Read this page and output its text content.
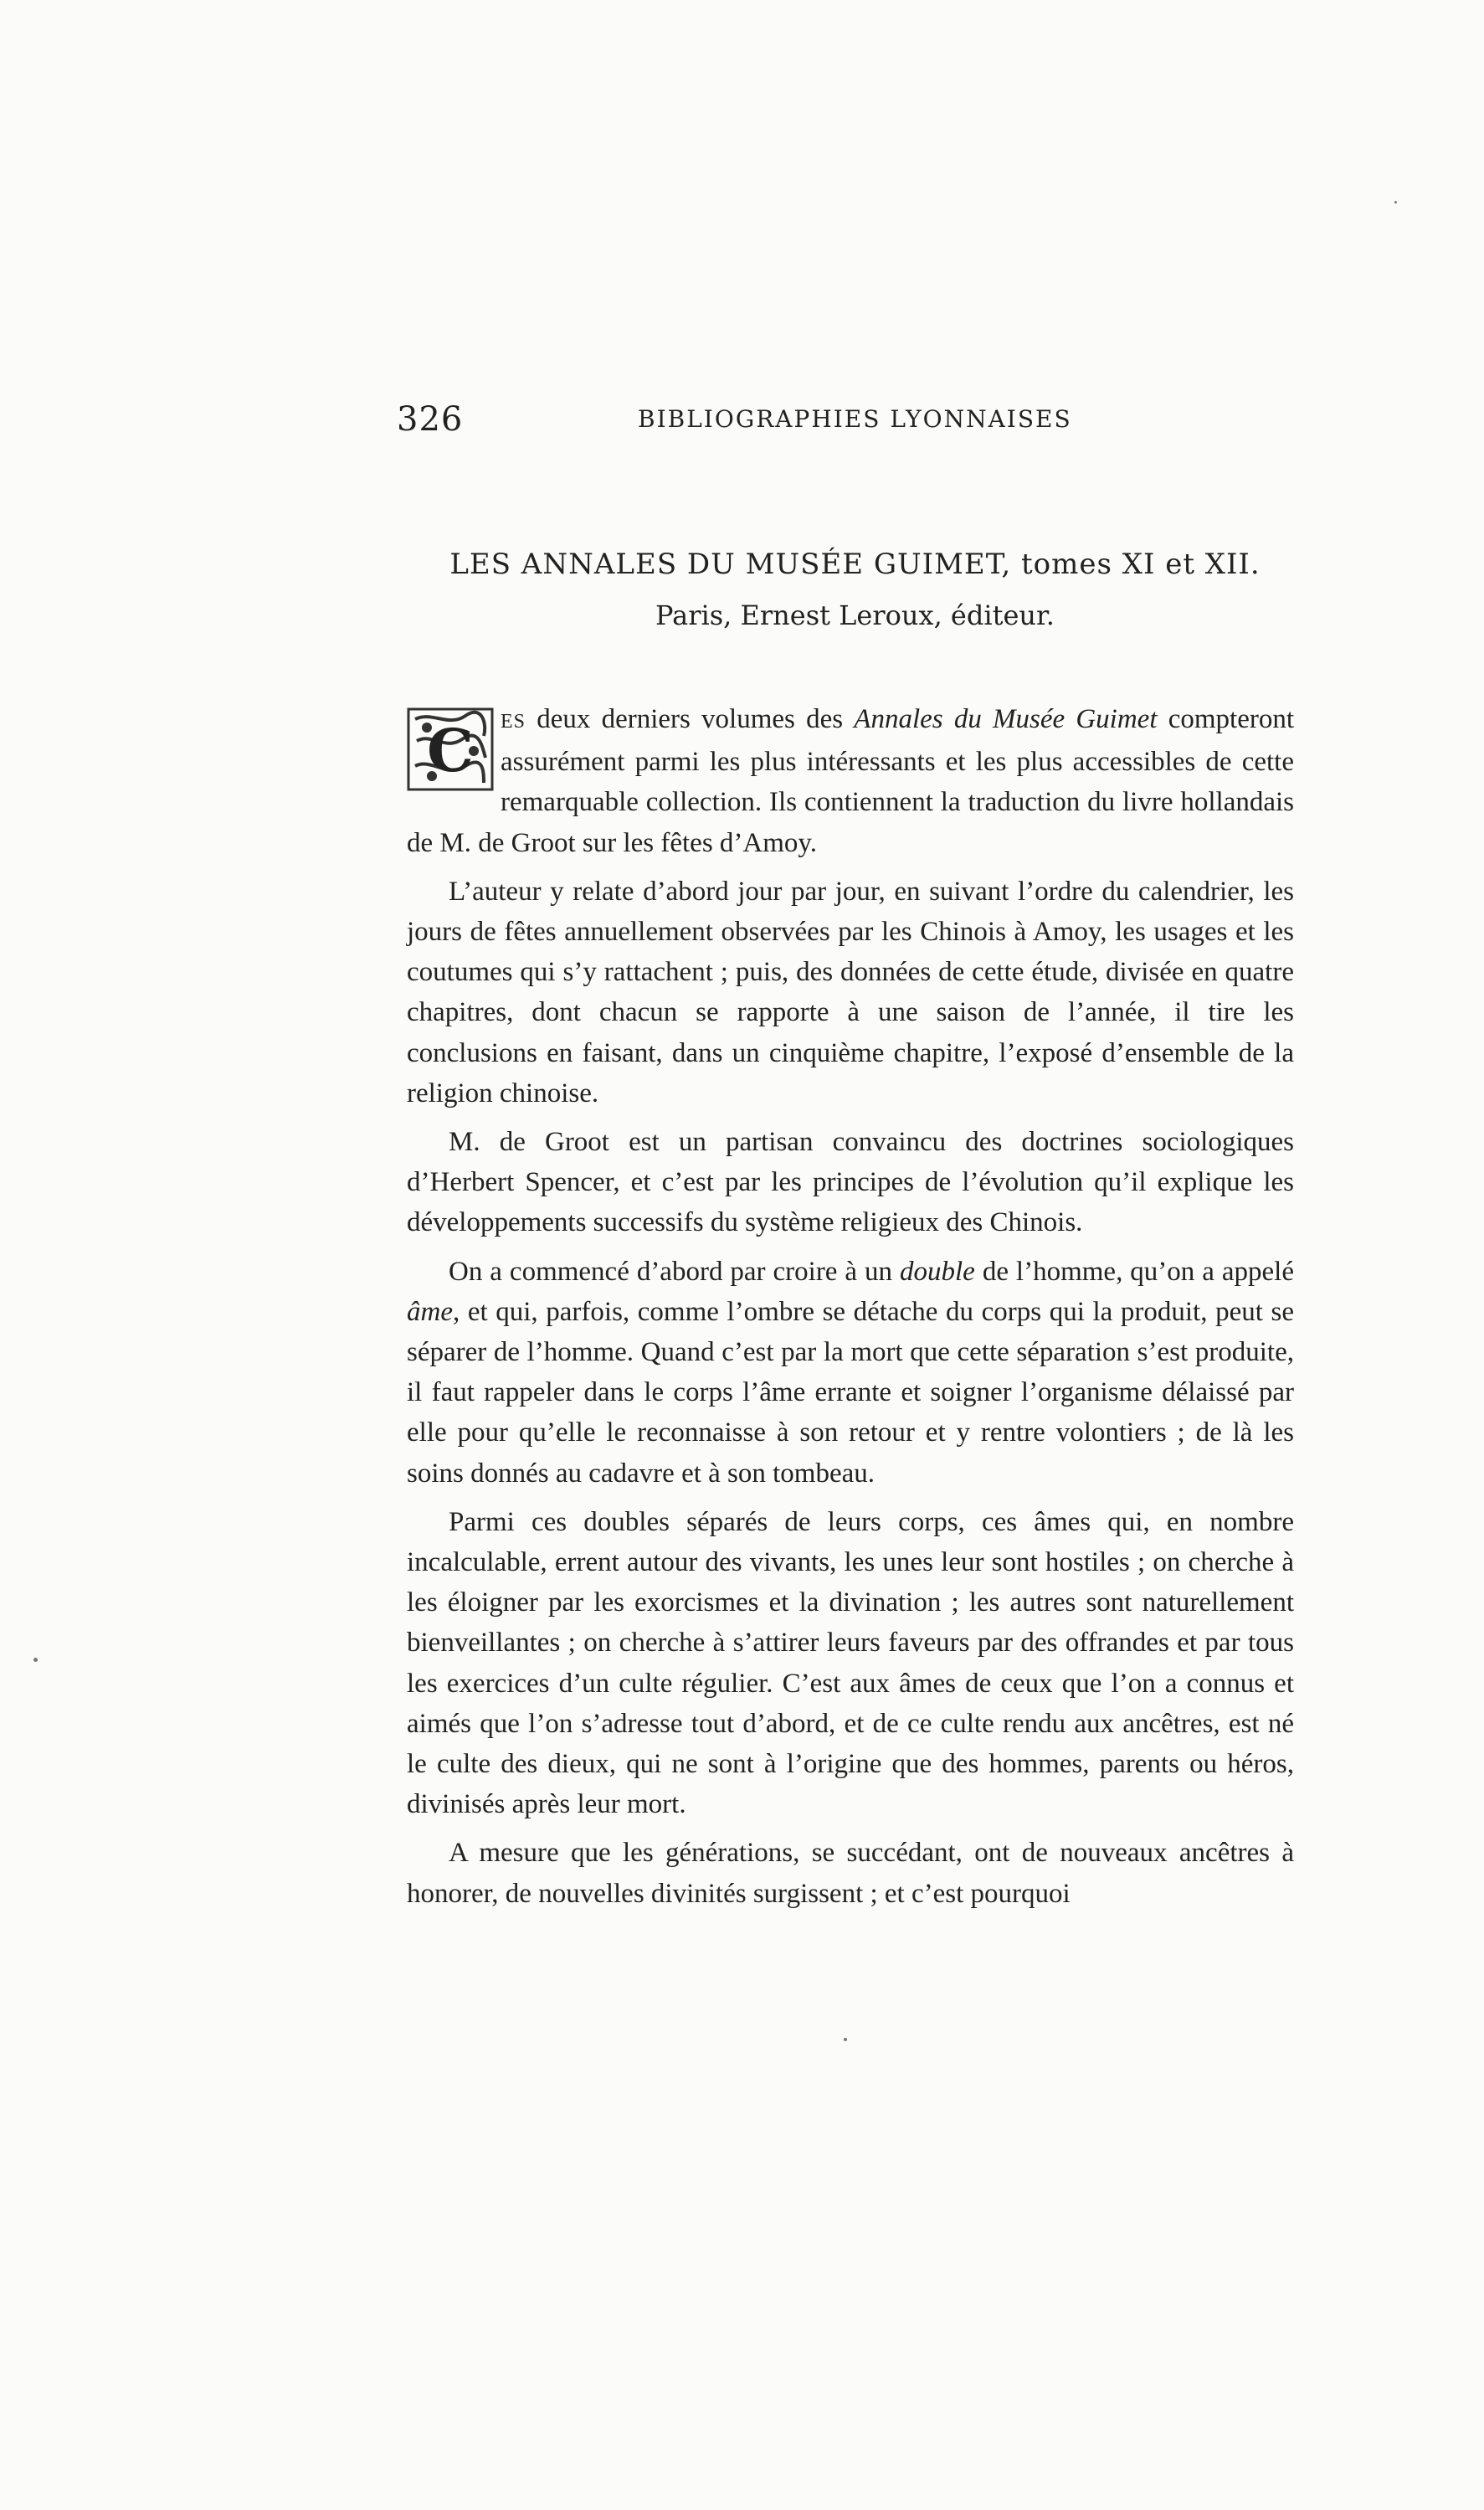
326	BIBLIOGRAPHIES LYONNAISES
LES ANNALES DU MUSÉE GUIMET, tomes XI et XII.
Paris, Ernest Leroux, éditeur.

C ES deux derniers volumes des Annales du Musée Guimet compteront assurément parmi les plus intéressants et les plus accessibles de cette remarquable collection. Ils contiennent la traduction du livre hollandais de M. de Groot sur les fêtes d’Amoy.

L’auteur y relate d’abord jour par jour, en suivant l’ordre du calendrier, les jours de fêtes annuellement observées par les Chinois à Amoy, les usages et les coutumes qui s’y rattachent ; puis, des données de cette étude, divisée en quatre chapitres, dont chacun se rapporte à une saison de l’année, il tire les conclusions en faisant, dans un cinquième chapitre, l’exposé d’ensemble de la religion chinoise.

M. de Groot est un partisan convaincu des doctrines sociologiques d’Herbert Spencer, et c’est par les principes de l’évolution qu’il explique les développements successifs du système religieux des Chinois.

On a commencé d’abord par croire à un double de l’homme, qu’on a appelé âme, et qui, parfois, comme l’ombre se détache du corps qui la produit, peut se séparer de l’homme. Quand c’est par la mort que cette séparation s’est produite, il faut rappeler dans le corps l’âme errante et soigner l’organisme délaissé par elle pour qu’elle le reconnaisse à son retour et y rentre volontiers ; de là les soins donnés au cadavre et à son tombeau.

Parmi ces doubles séparés de leurs corps, ces âmes qui, en nombre incalculable, errent autour des vivants, les unes leur sont hostiles ; on cherche à les éloigner par les exorcismes et la divination ; les autres sont naturellement bienveillantes ; on cherche à s’attirer leurs faveurs par des offrandes et par tous les exercices d’un culte régulier. C’est aux âmes de ceux que l’on a connus et aimés que l’on s’adresse tout d’abord, et de ce culte rendu aux ancêtres, est né le culte des dieux, qui ne sont à l’origine que des hommes, parents ou héros, divinisés après leur mort.

A mesure que les générations, se succédant, ont de nouveaux ancêtres à honorer, de nouvelles divinités surgissent ; et c’est pourquoi
